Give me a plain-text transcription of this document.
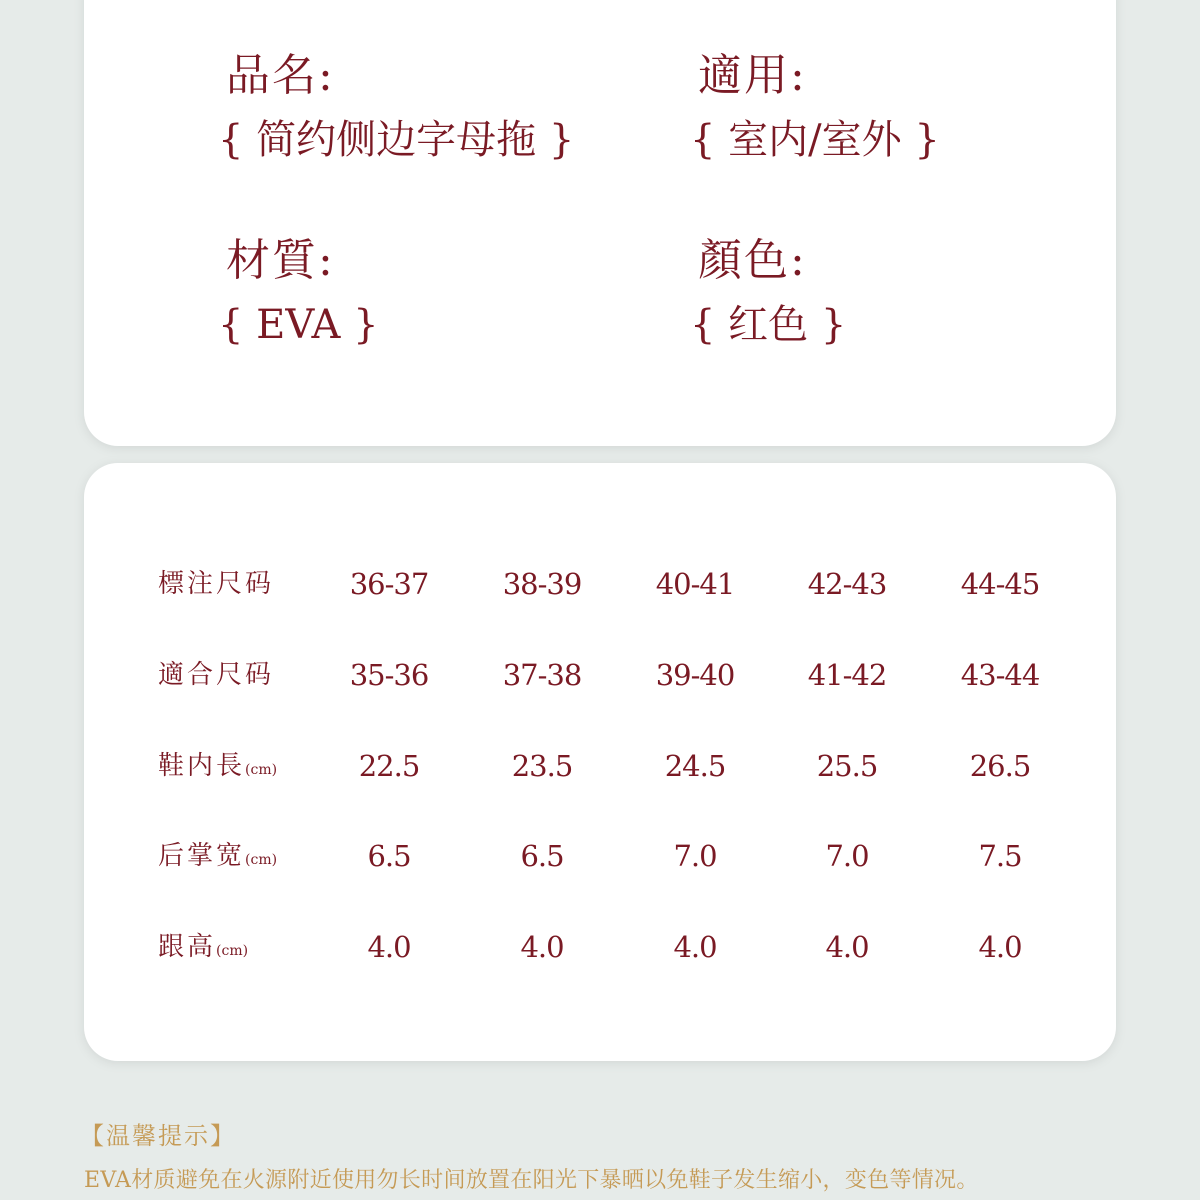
品名:
{ 简约侧边字母拖 }
適用:
{ 室内/室外 }
材質:
{ EVA }
顏色:
{ 红色 }
標注尺码	36-37	38-39	40-41	42-43	44-45
適合尺码	35-36	37-38	39-40	41-42	43-44
鞋内長(cm)	22.5	23.5	24.5	25.5	26.5
后掌宽(cm)	6.5	6.5	7.0	7.0	7.5
跟高(cm)	4.0	4.0	4.0	4.0	4.0
【温馨提示】
EVA材质避免在火源附近使用勿长时间放置在阳光下暴晒以免鞋子发生缩小，变色等情况。
